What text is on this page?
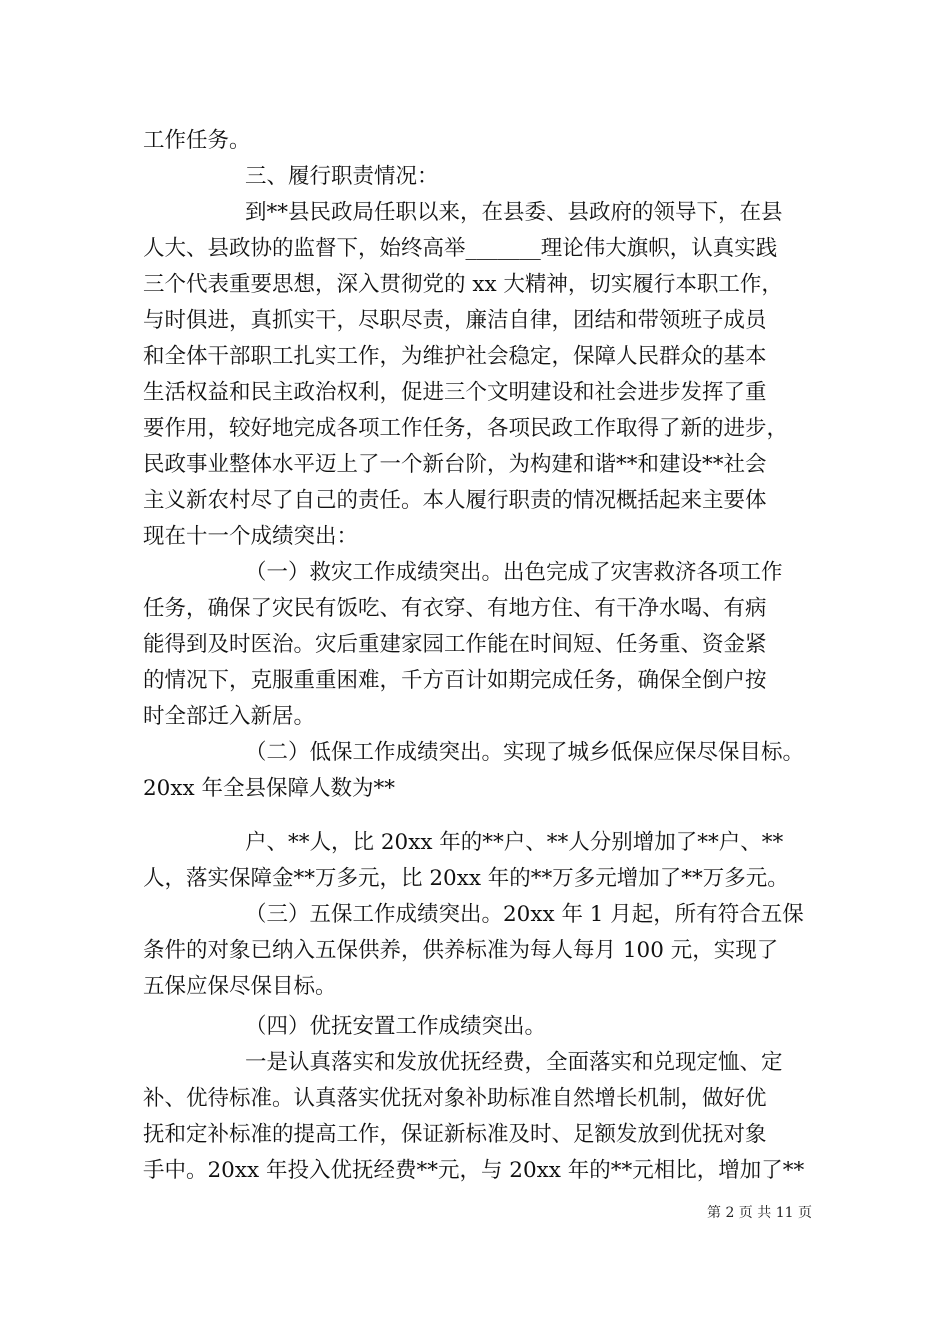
工作任务。

三、履行职责情况：

到**县民政局任职以来，在县委、县政府的领导下，在县

人大、县政协的监督下，始终高举_______理论伟大旗帜，认真实践

三个代表重要思想，深入贯彻党的 xx 大精神，切实履行本职工作，

与时俱进，真抓实干，尽职尽责，廉洁自律，团结和带领班子成员

和全体干部职工扎实工作，为维护社会稳定，保障人民群众的基本

生活权益和民主政治权利，促进三个文明建设和社会进步发挥了重

要作用，较好地完成各项工作任务，各项民政工作取得了新的进步，

民政事业整体水平迈上了一个新台阶，为构建和谐**和建设**社会

主义新农村尽了自己的责任。本人履行职责的情况概括起来主要体

现在十一个成绩突出：

（一）救灾工作成绩突出。出色完成了灾害救济各项工作

任务，确保了灾民有饭吃、有衣穿、有地方住、有干净水喝、有病

能得到及时医治。灾后重建家园工作能在时间短、任务重、资金紧

的情况下，克服重重困难，千方百计如期完成任务，确保全倒户按

时全部迁入新居。

（二）低保工作成绩突出。实现了城乡低保应保尽保目标。

20xx 年全县保障人数为**

户、**人，比 20xx 年的**户、**人分别增加了**户、**

人，落实保障金**万多元，比 20xx 年的**万多元增加了**万多元。

（三）五保工作成绩突出。20xx 年 1 月起，所有符合五保

条件的对象已纳入五保供养，供养标准为每人每月 100 元，实现了

五保应保尽保目标。

（四）优抚安置工作成绩突出。

一是认真落实和发放优抚经费，全面落实和兑现定恤、定

补、优待标准。认真落实优抚对象补助标准自然增长机制，做好优

抚和定补标准的提高工作，保证新标准及时、足额发放到优抚对象

手中。20xx 年投入优抚经费**元，与 20xx 年的**元相比，增加了**

第 2 页 共 11 页
